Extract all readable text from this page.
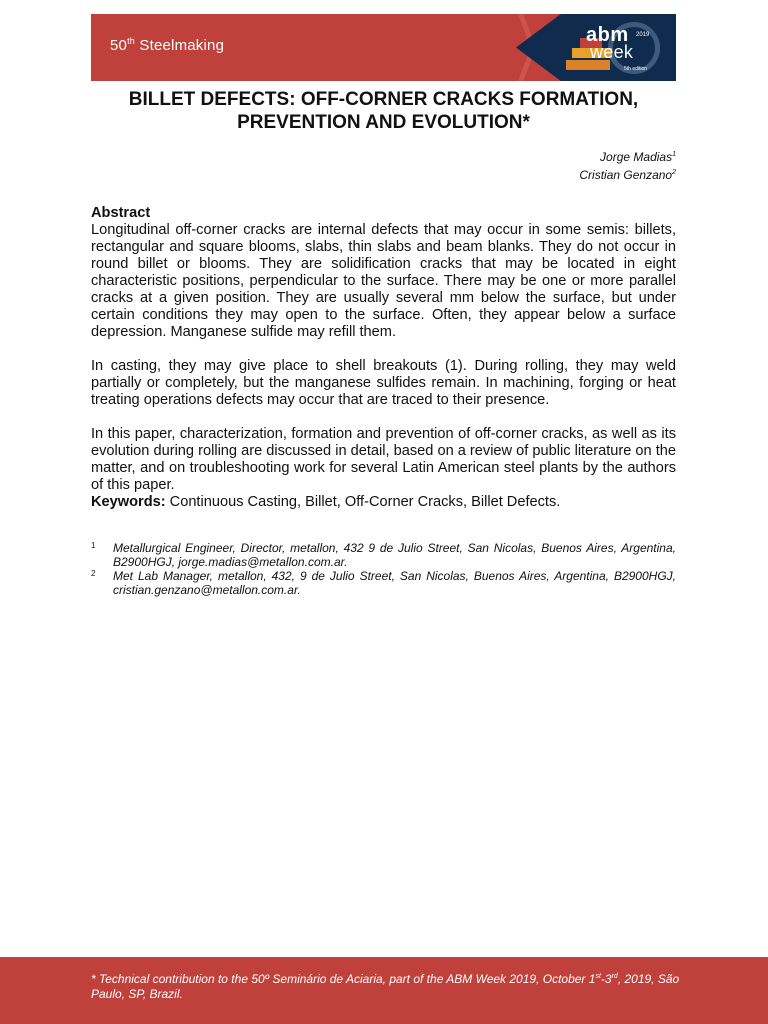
50th Steelmaking	abm
week
2019
5th edition
BILLET DEFECTS: OFF-CORNER CRACKS FORMATION,
PREVENTION AND EVOLUTION*
Jorge Madias$^1$
Cristian Genzano$^2$
Abstract

Longitudinal off-corner cracks are internal defects that may occur in some semis: billets, rectangular and square blooms, slabs, thin slabs and beam blanks. They do not occur in round billet or blooms. They are solidification cracks that may be located in eight characteristic positions, perpendicular to the surface. There may be one or more parallel cracks at a given position. They are usually several mm below the surface, but under certain conditions they may open to the surface. Often, they appear below a surface depression. Manganese sulfide may refill them.

In casting, they may give place to shell breakouts (1). During rolling, they may weld partially or completely, but the manganese sulfides remain. In machining, forging or heat treating operations defects may occur that are traced to their presence.

In this paper, characterization, formation and prevention of off-corner cracks, as well as its evolution during rolling are discussed in detail, based on a review of public literature on the matter, and on troubleshooting work for several Latin American steel plants by the authors of this paper.

Keywords: Continuous Casting, Billet, Off-Corner Cracks, Billet Defects.

1 Metallurgical Engineer, Director, metallon, 432 9 de Julio Street, San Nicolas, Buenos Aires, Argentina, B2900HGJ, jorge.madias@metallon.com.ar.
2 Met Lab Manager, metallon, 432, 9 de Julio Street, San Nicolas, Buenos Aires, Argentina, B2900HGJ, cristian.genzano@metallon.com.ar.
* Technical contribution to the 50º Seminário de Aciaria, part of the ABM Week 2019, October 1st-3rd, 2019, São Paulo, SP, Brazil.
